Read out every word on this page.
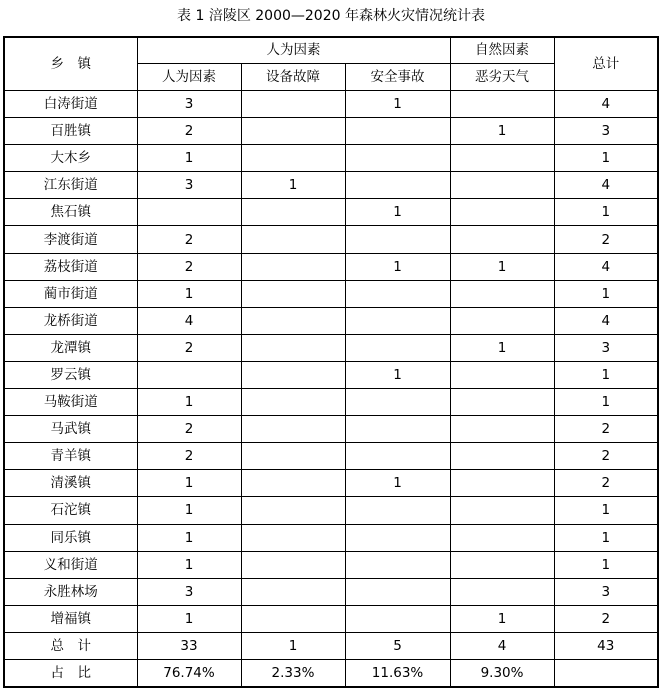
表 1 涪陵区 2000—2020 年森林火灾情况统计表
乡　镇	人为因素			自然因素	总计
	人为因素	设备故障	安全事故	恶劣天气	
白涛街道	3		1		4
百胜镇	2			1	3
大木乡	1				1
江东街道	3	1			4
焦石镇			1		1
李渡街道	2				2
荔枝街道	2		1	1	4
蔺市街道	1				1
龙桥街道	4				4
龙潭镇	2			1	3
罗云镇			1		1
马鞍街道	1				1
马武镇	2				2
青羊镇	2				2
清溪镇	1		1		2
石沱镇	1				1
同乐镇	1				1
义和街道	1				1
永胜林场	3				3
增福镇	1			1	2
总　计	33	1	5	4	43
占　比	76.74%	2.33%	11.63%	9.30%	
